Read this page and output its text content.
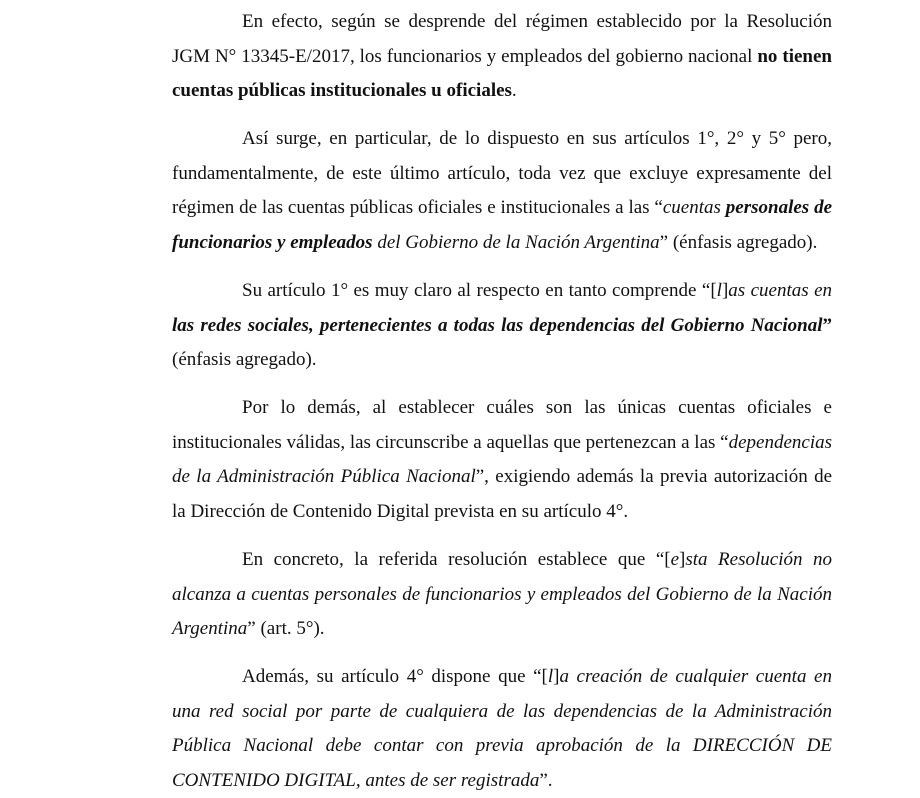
En efecto, según se desprende del régimen establecido por la Resolución JGM N° 13345-E/2017, los funcionarios y empleados del gobierno nacional no tienen cuentas públicas institucionales u oficiales.

Así surge, en particular, de lo dispuesto en sus artículos 1°, 2° y 5° pero, fundamentalmente, de este último artículo, toda vez que excluye expresamente del régimen de las cuentas públicas oficiales e institucionales a las “cuentas personales de funcionarios y empleados del Gobierno de la Nación Argentina” (énfasis agregado).

Su artículo 1° es muy claro al respecto en tanto comprende “[l]as cuentas en las redes sociales, pertenecientes a todas las dependencias del Gobierno Nacional” (énfasis agregado).

Por lo demás, al establecer cuáles son las únicas cuentas oficiales e institucionales válidas, las circunscribe a aquellas que pertenezcan a las “dependencias de la Administración Pública Nacional”, exigiendo además la previa autorización de la Dirección de Contenido Digital prevista en su artículo 4°.

En concreto, la referida resolución establece que “[e]sta Resolución no alcanza a cuentas personales de funcionarios y empleados del Gobierno de la Nación Argentina” (art. 5°).

Además, su artículo 4° dispone que “[l]a creación de cualquier cuenta en una red social por parte de cualquiera de las dependencias de la Administración Pública Nacional debe contar con previa aprobación de la DIRECCIÓN DE CONTENIDO DIGITAL, antes de ser registrada”.
